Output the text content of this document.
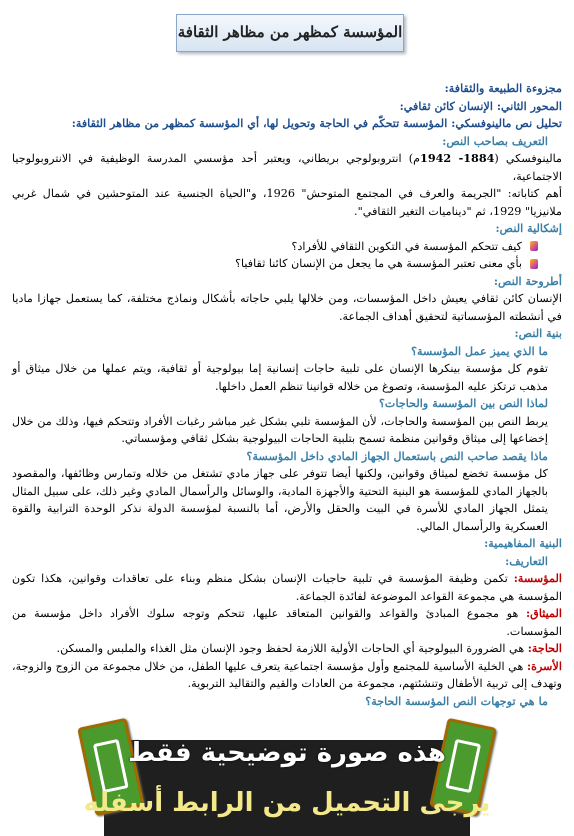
المؤسسة كمظهر من مظاهر الثقافة

مجزوءة الطبيعة والثقافة:

المحور الثاني: الإنسان كائن ثقافي:

تحليل نص مالينوفسكي: المؤسسة تتحكّم في الحاجة وتحويل لها، أي المؤسسة كمظهر من مظاهر الثقافة:

التعريف بصاحب النص:

مالينوفسكي (1884- 1942م) انتروبولوجي بريطاني، ويعتبر أحد مؤسسي المدرسة الوظيفية في الانتروبولوجيا الاجتماعية،

أهم كتاباته: "الجريمة والعرف في المجتمع المتوحش" 1926، و"الحياة الجنسية عند المتوحشين في شمال غربي ملانيزيا" 1929، ثم "ديناميات التغير الثقافي".

إشكالية النص:

كيف تتحكم المؤسسة في التكوين الثقافي للأفراد؟
بأي معنى تعتبر المؤسسة هي ما يجعل من الإنسان كائنا ثقافيا؟

أطروحة النص:

الإنسان كائن ثقافي يعيش داخل المؤسسات، ومن خلالها يلبي حاجاته بأشكال ونماذج مختلفة، كما يستعمل جهازا ماديا في أنشطته المؤسساتية لتحقيق أهداف الجماعة.

بنية النص:

ما الذي يميز عمل المؤسسة؟

تقوم كل مؤسسة بينكرها الإنسان على تلبية حاجات إنسانية إما بيولوجية أو ثقافية، ويتم عملها من خلال ميثاق أو مذهب ترتكز عليه المؤسسة، وتصوغ من خلاله قوانينا تنظم العمل داخلها.

لماذا النص بين المؤسسة والحاجات؟

يربط النص بين المؤسسة والحاجات، لأن المؤسسة تلبي بشكل غير مباشر رغبات الأفراد وتتحكم فيها، وذلك من خلال إخضاعها إلى ميثاق وقوانين منظمة تسمح بتلبية الحاجات البيولوجية بشكل ثقافي ومؤسساتي.

ماذا يقصد صاحب النص باستعمال الجهاز المادي داخل المؤسسة؟

كل مؤسسة تخضع لميثاق وقوانين، ولكنها أيضا تتوفر على جهاز مادي تشتغل من خلاله وتمارس وظائفها، والمقصود بالجهاز المادي للمؤسسة هو البنية التحتية والأجهزة المادية، والوسائل والرأسمال المادي وغير ذلك، على سبيل المثال يتمثل الجهاز المادي للأسرة في البيت والحقل والأرض، أما بالنسبة لمؤسسة الدولة نذكر الوحدة الترابية والقوة العسكرية والرأسمال المالي.

البنية المفاهيمية:

التعاريف:

المؤسسة: تكمن وظيفة المؤسسة في تلبية حاجيات الإنسان بشكل منظم وبناء على تعاقدات وقوانين، هكذا تكون المؤسسة هي مجموعة القواعد الموضوعة لفائدة الجماعة.

الميثاق: هو مجموع المبادئ والقواعد والقوانين المتعاقد عليها، تتحكم وتوجه سلوك الأفراد داخل مؤسسة من المؤسسات.

الحاجة: هي الضرورة البيولوجية أي الحاجات الأولية اللازمة لحفظ وجود الإنسان مثل الغذاء والملبس والمسكن.

الأسرة: هي الخلية الأساسية للمجتمع وأول مؤسسة اجتماعية يتعرف عليها الطفل، من خلال مجموعة من الزوج والزوجة، وتهدف إلى تربية الأطفال وتنشئتهم، مجموعة من العادات والقيم والتقاليد التربوية.

ما هي توجهات النص المؤسسة الحاجة؟

هذه صورة توضيحية فقط
يرجى التحميل من الرابط أسفله
